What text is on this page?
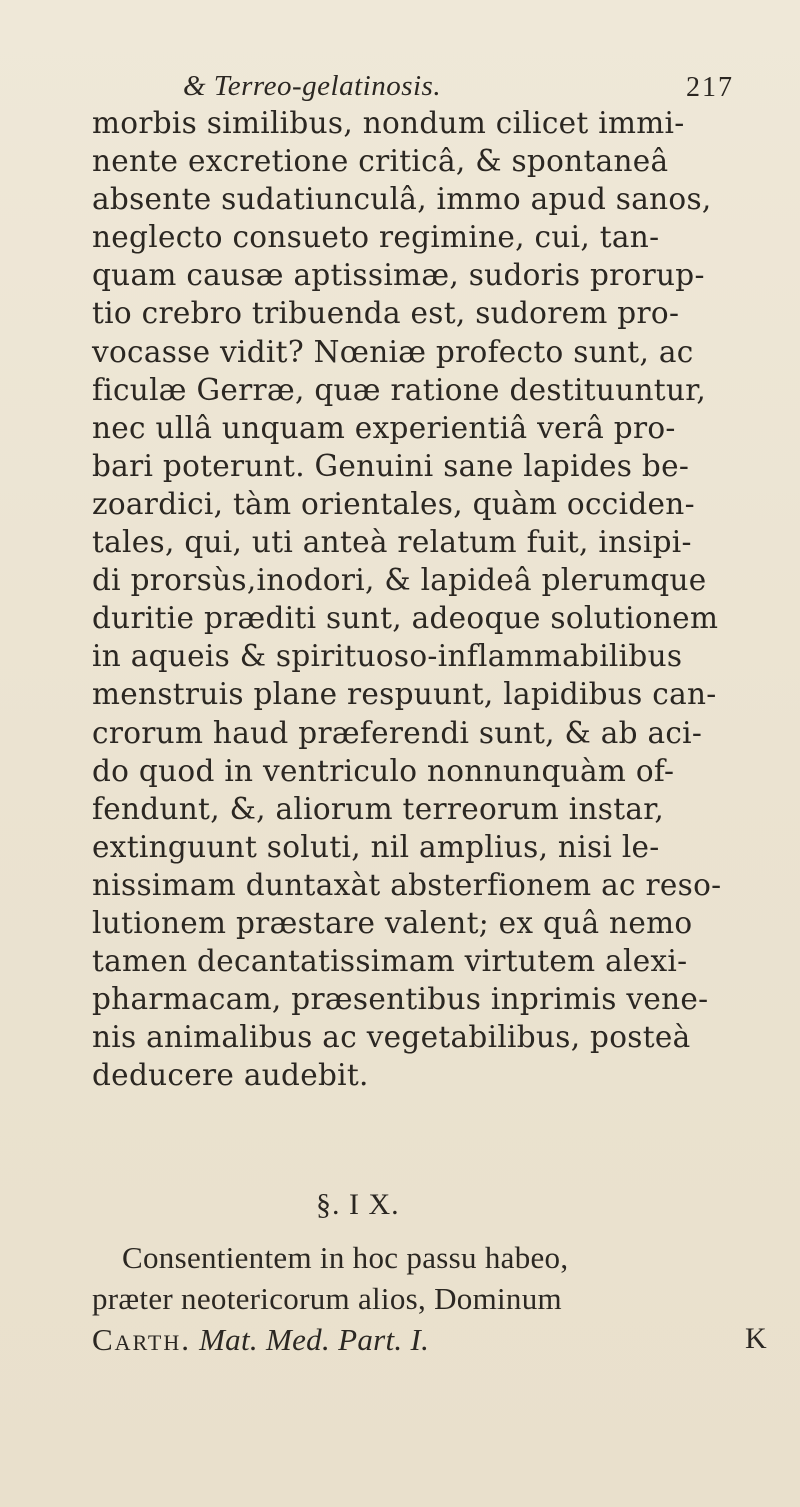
& Terreo-gelatinosis.	217
morbis similibus, nondum cilicet immi-
nente excretione criticâ, & spontaneâ
absente sudatiunculâ, immo apud sanos,
neglecto consueto regimine, cui, tan-
quam causæ aptissimæ, sudoris prorup-
tio crebro tribuenda est, sudorem pro-
vocasse vidit? Nœniæ profecto sunt, ac
ficulæ Gerræ, quæ ratione destituuntur,
nec ullâ unquam experientiâ verâ pro-
bari poterunt. Genuini sane lapides be-
zoardici, tàm orientales, quàm occiden-
tales, qui, uti anteà relatum fuit, insipi-
di prorsùs,inodori, & lapideâ plerumque
duritie præditi sunt, adeoque solutionem
in aqueis & spirituoso-inflammabilibus
menstruis plane respuunt, lapidibus can-
crorum haud præferendi sunt, & ab aci-
do quod in ventriculo nonnunquàm of-
fendunt, &, aliorum terreorum instar,
extinguunt soluti, nil amplius, nisi le-
nissimam duntaxàt absterfionem ac reso-
lutionem præstare valent; ex quâ nemo
tamen decantatissimam virtutem alexi-
pharmacam, præsentibus inprimis vene-
nis animalibus ac vegetabilibus, posteà
deducere audebit.
§. I X.
Consentientem in hoc passu habeo,
præter neotericorum alios, Dominum
Carth. Mat. Med. Part. I.	K
